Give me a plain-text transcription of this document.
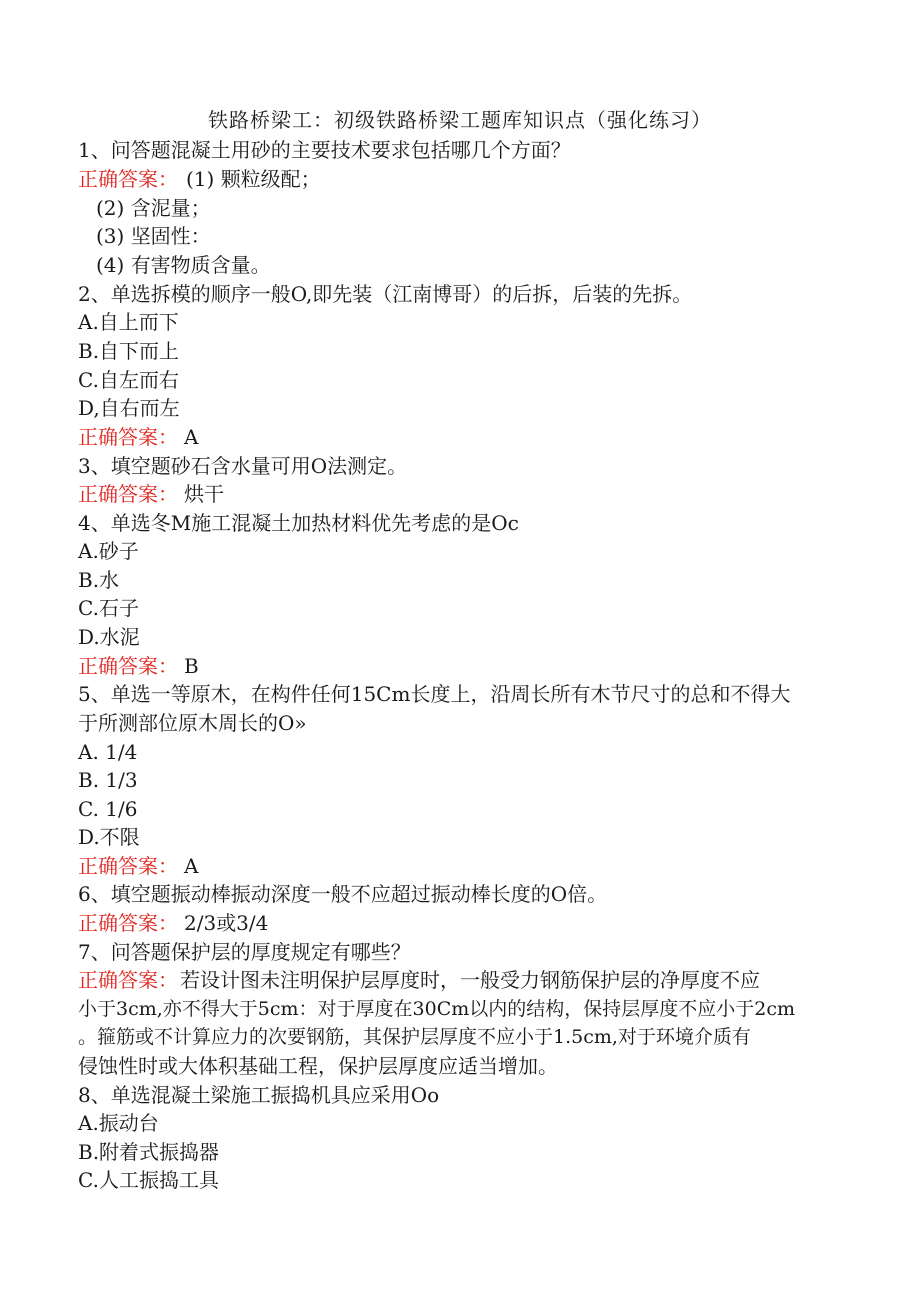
铁路桥梁工：初级铁路桥梁工题库知识点（强化练习）
1、问答题混凝土用砂的主要技术要求包括哪几个方面？
正确答案： (1) 颗粒级配；
(2) 含泥量；
(3) 坚固性：
(4) 有害物质含量。
2、单选拆模的顺序一般O,即先装（江南博哥）的后拆，后装的先拆。
A.自上而下
B.自下而上
C.自左而右
D,自右而左
正确答案： A
3、填空题砂石含水量可用O法测定。
正确答案： 烘干
4、单选冬M施工混凝土加热材料优先考虑的是Oc
A.砂子
B.水
C.石子
D.水泥
正确答案： B
5、单选一等原木，在构件任何15Cm长度上，沿周长所有木节尺寸的总和不得大
于所测部位原木周长的O»
A. 1/4
B. 1/3
C. 1/6
D.不限
正确答案： A
6、填空题振动棒振动深度一般不应超过振动棒长度的O倍。
正确答案： 2/3或3/4
7、问答题保护层的厚度规定有哪些？
正确答案： 若设计图未注明保护层厚度时，一般受力钢筋保护层的净厚度不应
小于3cm,亦不得大于5cm：对于厚度在30Cm以内的结构，保持层厚度不应小于2cm
。箍筋或不计算应力的次要钢筋，其保护层厚度不应小于1.5cm,对于环境介质有
侵蚀性时或大体积基础工程，保护层厚度应适当增加。
8、单选混凝土梁施工振捣机具应采用Oo
A.振动台
B.附着式振捣器
C.人工振捣工具
